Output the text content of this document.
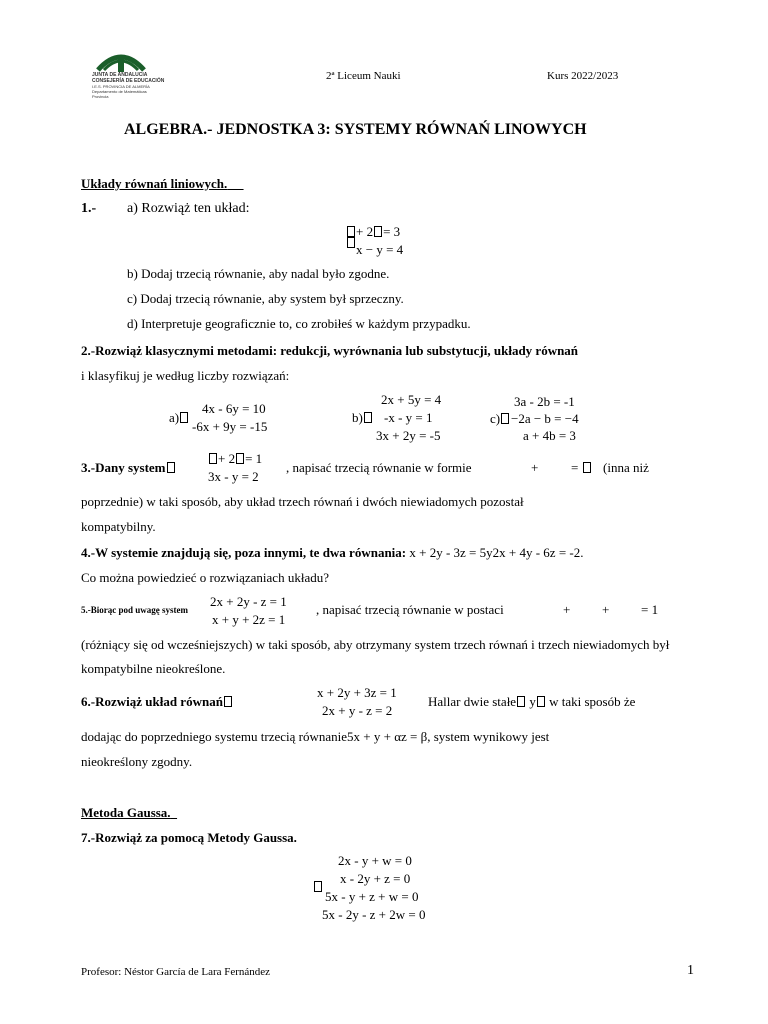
JUNTA DE ANDALUCIA
CONSEJERÍA DE EDUCACIÓN
I.E.S. PROVINCIA DE ALMERÍA
Departamento de Matemáticas
Provincia
2ª Liceum Nauki	Kurs 2022/2023
ALGEBRA.- JEDNOSTKA 3: SYSTEMY RÓWNAŃ LINOWYCH
Układy równań liniowych.
1.- a) Rozwiąż ten układ:
+ 2 = 3
x − y = 4
b) Dodaj trzecią równanie, aby nadal było zgodne.
c) Dodaj trzecią równanie, aby system był sprzeczny.
d) Interpretuje geograficznie to, co zrobiłeś w każdym przypadku.
2.-Rozwiąż klasycznymi metodami: redukcji, wyrównania lub substytucji, układy równań
i klasyfikuj je według liczby rozwiązań:
a)
4x - 6y = 10
-6x + 9y = -15
2x + 5y = 4
b)	-x - y = 1
3x + 2y = -5
3a - 2b = -1
c) −2a − b = −4
a + 4b = 3
3.-Dany system
+ 2 = 1
3x - y = 2
, napisać trzecią równanie w formie	+	=	(inna niż
poprzednie) w taki sposób, aby układ trzech równań i dwóch niewiadomych pozostał
kompatybilny.
4.-W systemie znajdują się, poza innymi, te dwa równania: x + 2y - 3z = 5y2x + 4y - 6z = -2.
Co można powiedzieć o rozwiązaniach układu?
5.-Biorąc pod uwagę system
2x + 2y - z = 1
x + y + 2z = 1
, napisać trzecią równanie w postaci	+ + = 1
(różniący się od wcześniejszych) w taki sposób, aby otrzymany system trzech równań i trzech niewiadomych był
kompatybilne nieokreślone.
6.-Rozwiąż układ równań
x + 2y + 3z = 1
2x + y - z = 2
Hallar dwie stałe y w taki sposób że
dodając do poprzedniego systemu trzecią równanie5x + y + αz = β, system wynikowy jest
nieokreślony zgodny.
Metoda Gaussa.
7.-Rozwiąż za pomocą Metody Gaussa.
2x - y + w = 0
x - 2y + z = 0
5x - y + z + w = 0
5x - 2y - z + 2w = 0
Profesor: Néstor García de Lara Fernández	1
